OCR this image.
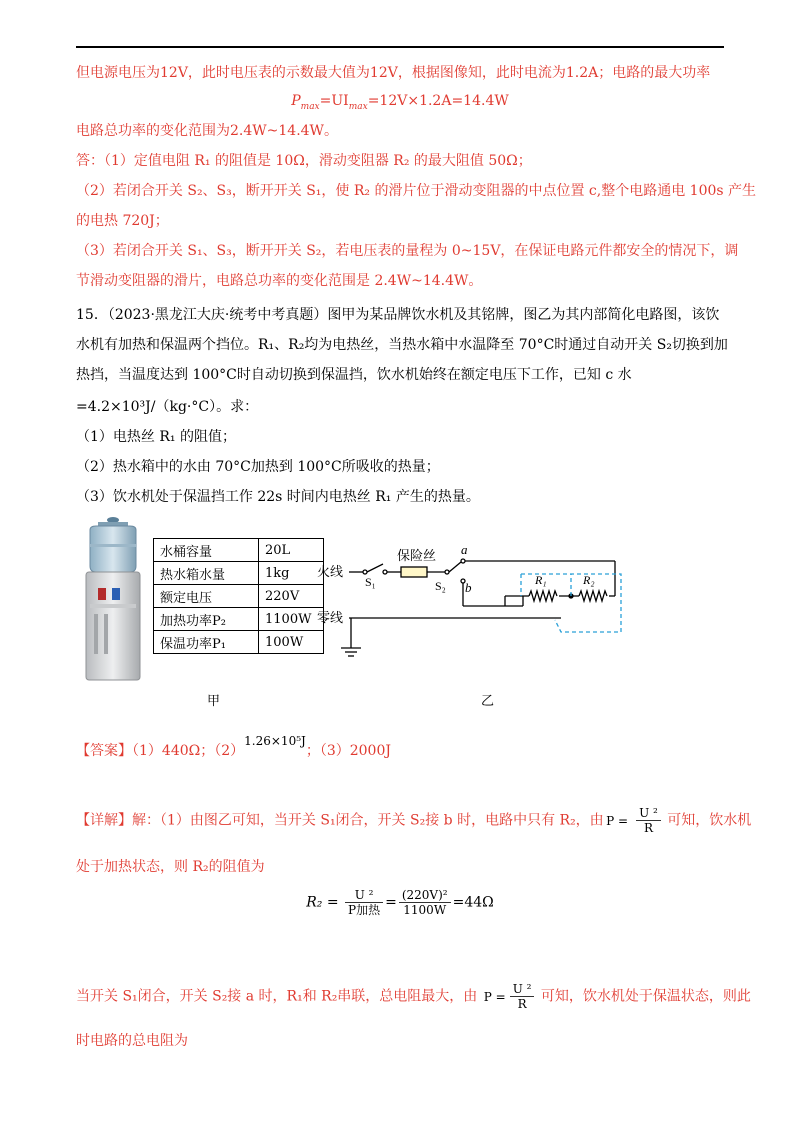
但电源电压为12V，此时电压表的示数最大值为12V，根据图像知，此时电流为1.2A；电路的最大功率
$P_{max}=UI_{max}=12V\times 1.2A=14.4W$
电路总功率的变化范围为2.4W~14.4W。
答：（1）定值电阻 R₁ 的阻值是 10Ω，滑动变阻器 R₂ 的最大阻值 50Ω；
（2）若闭合开关 S₂、S₃，断开开关 S₁，使 R₂ 的滑片位于滑动变阻器的中点位置 c,整个电路通电 100s 产生
的电热 720J；
（3）若闭合开关 S₁、S₃，断开开关 S₂，若电压表的量程为 0~15V，在保证电路元件都安全的情况下，调
节滑动变阻器的滑片，电路总功率的变化范围是 2.4W~14.4W。
15．（2023·黑龙江大庆·统考中考真题）图甲为某品牌饮水机及其铭牌，图乙为其内部简化电路图，该饮
水机有加热和保温两个挡位。R₁、R₂均为电热丝，当热水箱中水温降至 70°C时通过自动开关 S₂切换到加
热挡，当温度达到 100°C时自动切换到保温挡，饮水机始终在额定电压下工作，已知 c 水
=4.2×10³J/（kg·°C）。求：
（1）电热丝 R₁ 的阻值；
（2）热水箱中的水由 70°C加热到 100°C所吸收的热量；
（3）饮水机处于保温挡工作 22s 时间内电热丝 R₁ 产生的热量。
水桶容量	20L
热水箱水量	1kg
额定电压	220V
加热功率P₂	1100W
保温功率P₁	100W
火线
保险丝
零线
S₁	S₂
a
b	R₁	R₂
甲	乙
【答案】（1）440Ω；（2）1.26×10⁵J；（3）2000J
【详解】解：（1）由图乙可知，当开关 S₁闭合，开关 S₂接 b 时，电路中只有 R₂，由 $P = \frac{\text{U ²}}{R}$ 可知，饮水机
处于加热状态，则 R₂的阻值为
$R_2 = \frac{\text{U ²}}{\text{P加热}} = \frac{\text{(220V)²}}{1100W} =44\Omega$
当开关 S₁闭合，开关 S₂接 a 时，R₁和 R₂串联，总电阻最大，由 $P = \frac{\text{U ²}}{R}$ 可知，饮水机处于保温状态，则此
时电路的总电阻为
